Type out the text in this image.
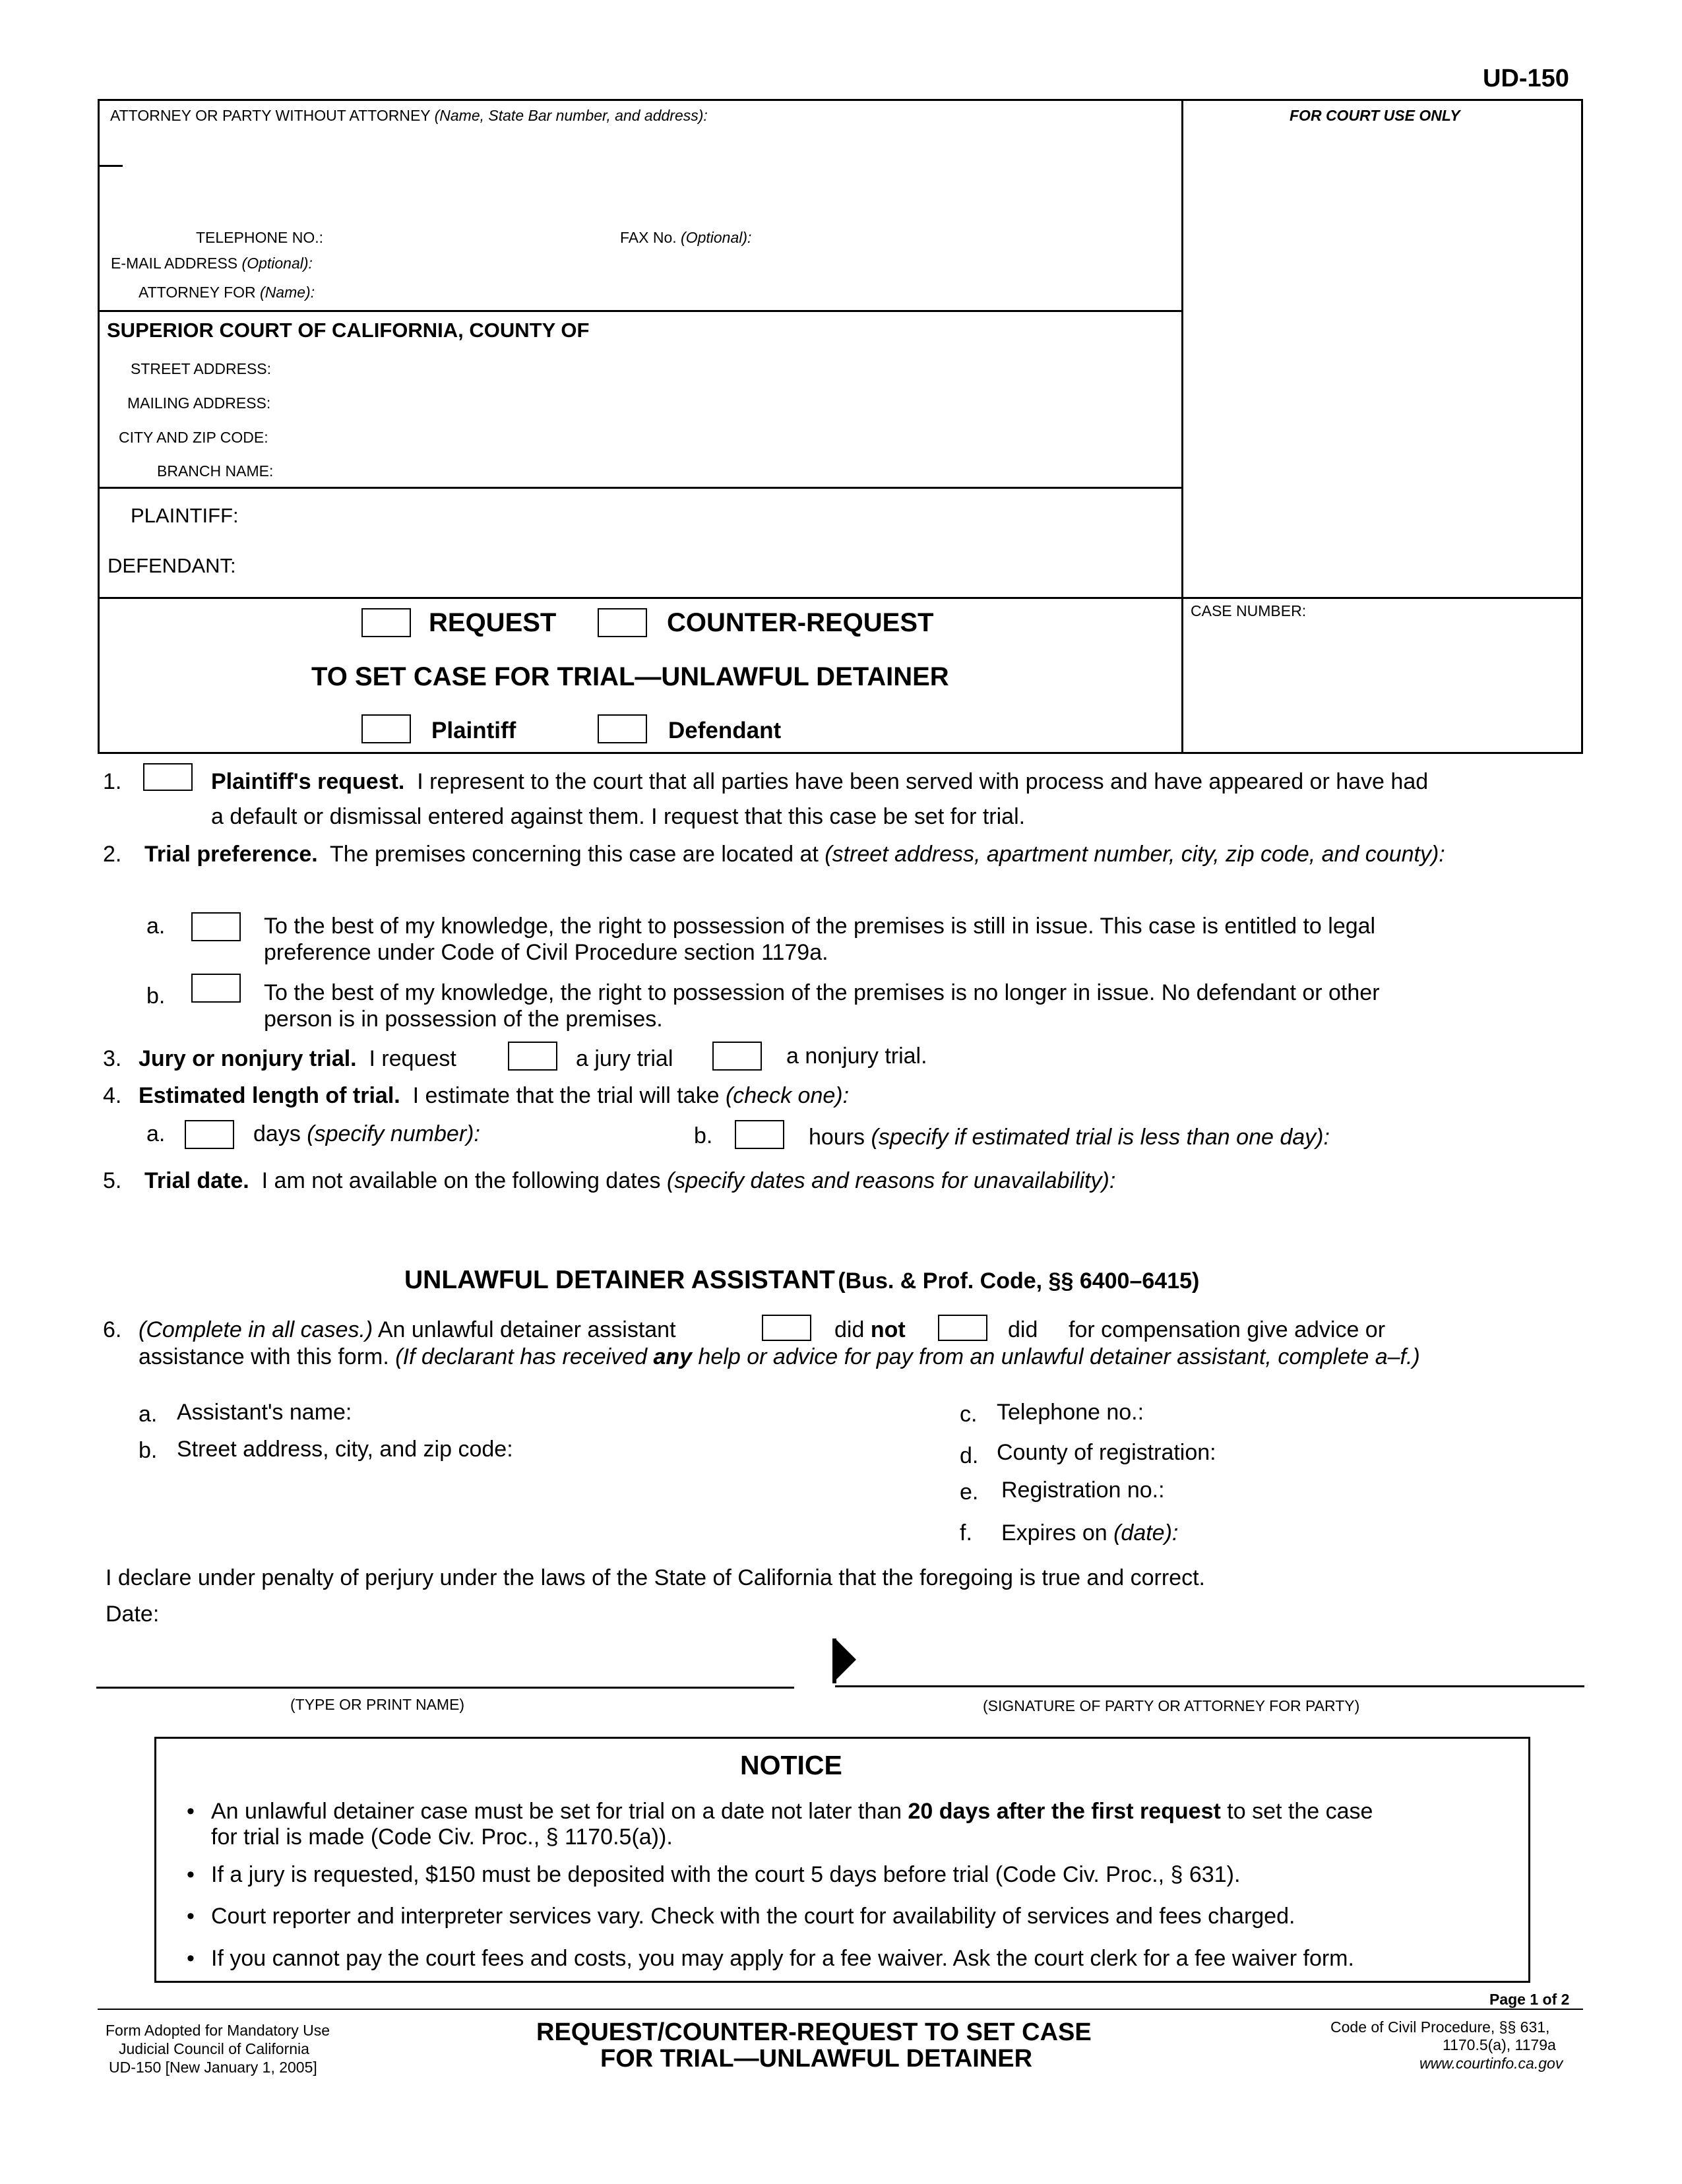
UD-150
ATTORNEY OR PARTY WITHOUT ATTORNEY (Name, State Bar number, and address):	FOR COURT USE ONLY
TELEPHONE NO.:	FAX No. (Optional):
E-MAIL ADDRESS (Optional):
ATTORNEY FOR (Name):
SUPERIOR COURT OF CALIFORNIA, COUNTY OF
STREET ADDRESS:
MAILING ADDRESS:
CITY AND ZIP CODE:
BRANCH NAME:
PLAINTIFF:
DEFENDANT:
CASE NUMBER:
REQUEST	COUNTER-REQUEST
TO SET CASE FOR TRIAL—UNLAWFUL DETAINER
Plaintiff	Defendant
1.	Plaintiff's request. I represent to the court that all parties have been served with process and have appeared or have had
a default or dismissal entered against them. I request that this case be set for trial.
2. Trial preference. The premises concerning this case are located at (street address, apartment number, city, zip code, and county):
a.	To the best of my knowledge, the right to possession of the premises is still in issue. This case is entitled to legal
preference under Code of Civil Procedure section 1179a.
b.	To the best of my knowledge, the right to possession of the premises is no longer in issue. No defendant or other
person is in possession of the premises.
3. Jury or nonjury trial. I request	a jury trial	a nonjury trial.
4. Estimated length of trial. I estimate that the trial will take (check one):
a.	days (specify number):	b.	hours (specify if estimated trial is less than one day):
5. Trial date. I am not available on the following dates (specify dates and reasons for unavailability):
UNLAWFUL DETAINER ASSISTANT (Bus. & Prof. Code, §§ 6400–6415)
6. (Complete in all cases.) An unlawful detainer assistant	did not	did for compensation give advice or
assistance with this form. (If declarant has received any help or advice for pay from an unlawful detainer assistant, complete a–f.)
a. Assistant's name:
b. Street address, city, and zip code:
c. Telephone no.:
d. County of registration:
e. Registration no.:
f. Expires on (date):
I declare under penalty of perjury under the laws of the State of California that the foregoing is true and correct.
Date:
(TYPE OR PRINT NAME)	(SIGNATURE OF PARTY OR ATTORNEY FOR PARTY)
NOTICE
• An unlawful detainer case must be set for trial on a date not later than 20 days after the first request to set the case
for trial is made (Code Civ. Proc., § 1170.5(a)).
• If a jury is requested, $150 must be deposited with the court 5 days before trial (Code Civ. Proc., § 631).
• Court reporter and interpreter services vary. Check with the court for availability of services and fees charged.
• If you cannot pay the court fees and costs, you may apply for a fee waiver. Ask the court clerk for a fee waiver form.
Page 1 of 2
Form Adopted for Mandatory Use
Judicial Council of California
UD-150 [New January 1, 2005]
REQUEST/COUNTER-REQUEST TO SET CASE
FOR TRIAL—UNLAWFUL DETAINER
Code of Civil Procedure, §§ 631,
1170.5(a), 1179a
www.courtinfo.ca.gov
